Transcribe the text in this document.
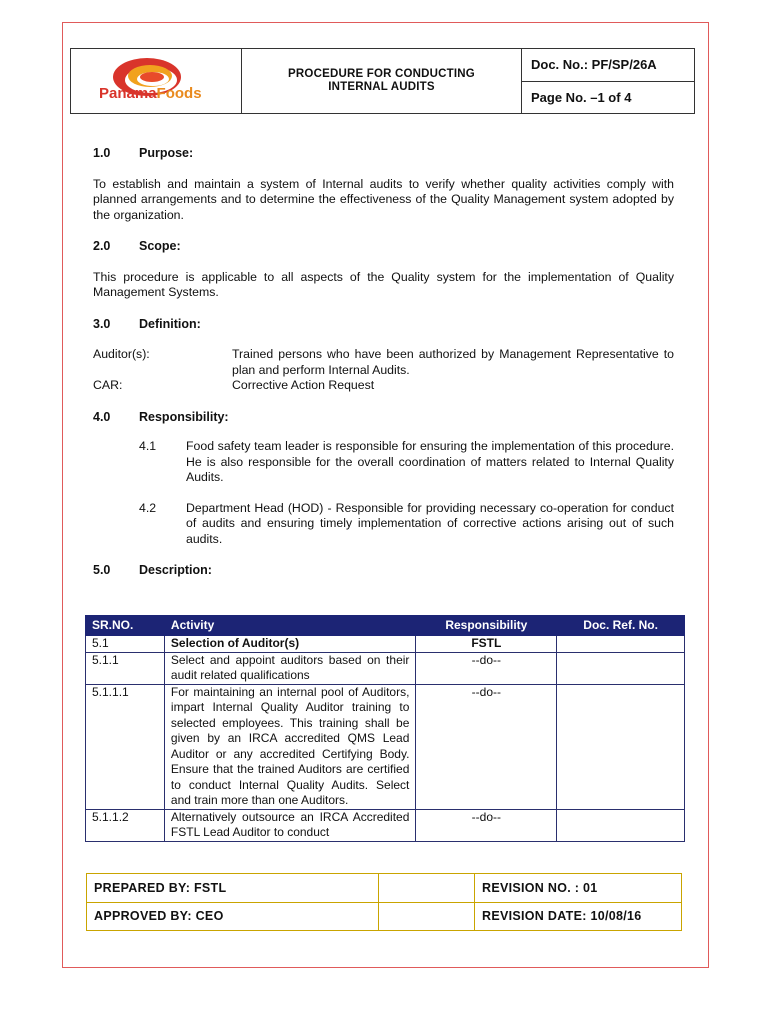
PanamaFoods
PROCEDURE FOR CONDUCTING
INTERNAL AUDITS
Doc. No.: PF/SP/26A
Page No. –1 of 4
1.0	Purpose:
To establish and maintain a system of Internal audits to verify whether quality activities comply with planned arrangements and to determine the effectiveness of the Quality Management system adopted by the organization.
2.0	Scope:
This procedure is applicable to all aspects of the Quality system for the implementation of Quality Management Systems.
3.0	Definition:
Auditor(s):	Trained persons who have been authorized by Management Representative to plan and perform Internal Audits.
CAR:	Corrective Action Request
4.0	Responsibility:
4.1	Food safety team leader is responsible for ensuring the implementation of this procedure. He is also responsible for the overall coordination of matters related to Internal Quality Audits.
4.2	Department Head (HOD) - Responsible for providing necessary co-operation for conduct of audits and ensuring timely implementation of corrective actions arising out of such audits.
5.0	Description:
SR.NO.	Activity	Responsibility	Doc. Ref. No.
5.1	Selection of Auditor(s)	FSTL	
5.1.1	Select and appoint auditors based on their audit related qualifications	--do--	
5.1.1.1	For maintaining an internal pool of Auditors, impart Internal Quality Auditor training to selected employees. This training shall be given by an IRCA accredited QMS Lead Auditor or any accredited Certifying Body. Ensure that the trained Auditors are certified to conduct Internal Quality Audits. Select and train more than one Auditors.	--do--	
5.1.1.2	Alternatively outsource an IRCA Accredited FSTL Lead Auditor to conduct	--do--	
PREPARED BY: FSTL	REVISION NO. : 01
APPROVED BY: CEO	REVISION DATE: 10/08/16
